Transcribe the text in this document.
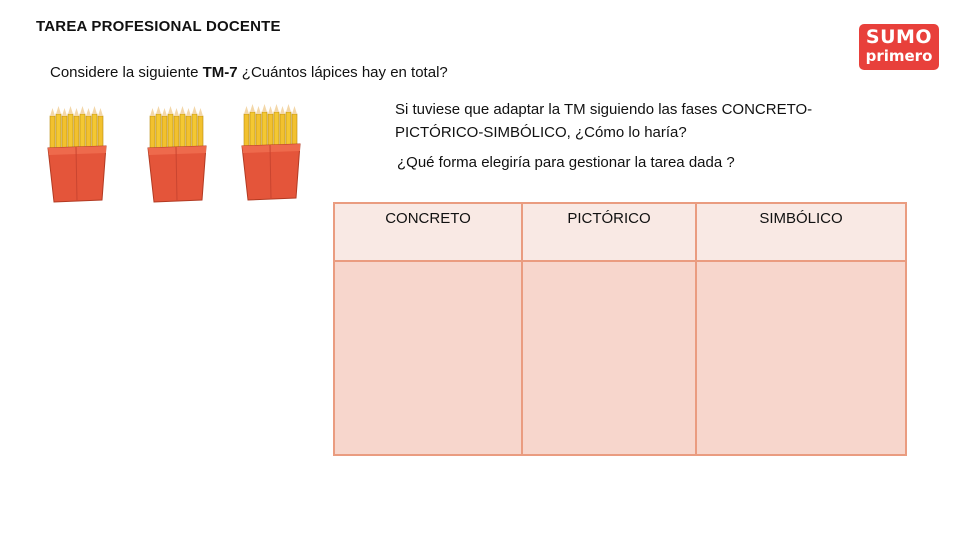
TAREA PROFESIONAL DOCENTE
Considere la siguiente TM-7 ¿Cuántos lápices hay en total?
SUMO
primero
Si tuviese que adaptar la TM siguiendo las fases CONCRETO-PICTÓRICO-SIMBÓLICO, ¿Cómo lo haría?
¿Qué forma elegiría para gestionar la tarea dada ?
CONCRETO	PICTÓRICO	SIMBÓLICO
